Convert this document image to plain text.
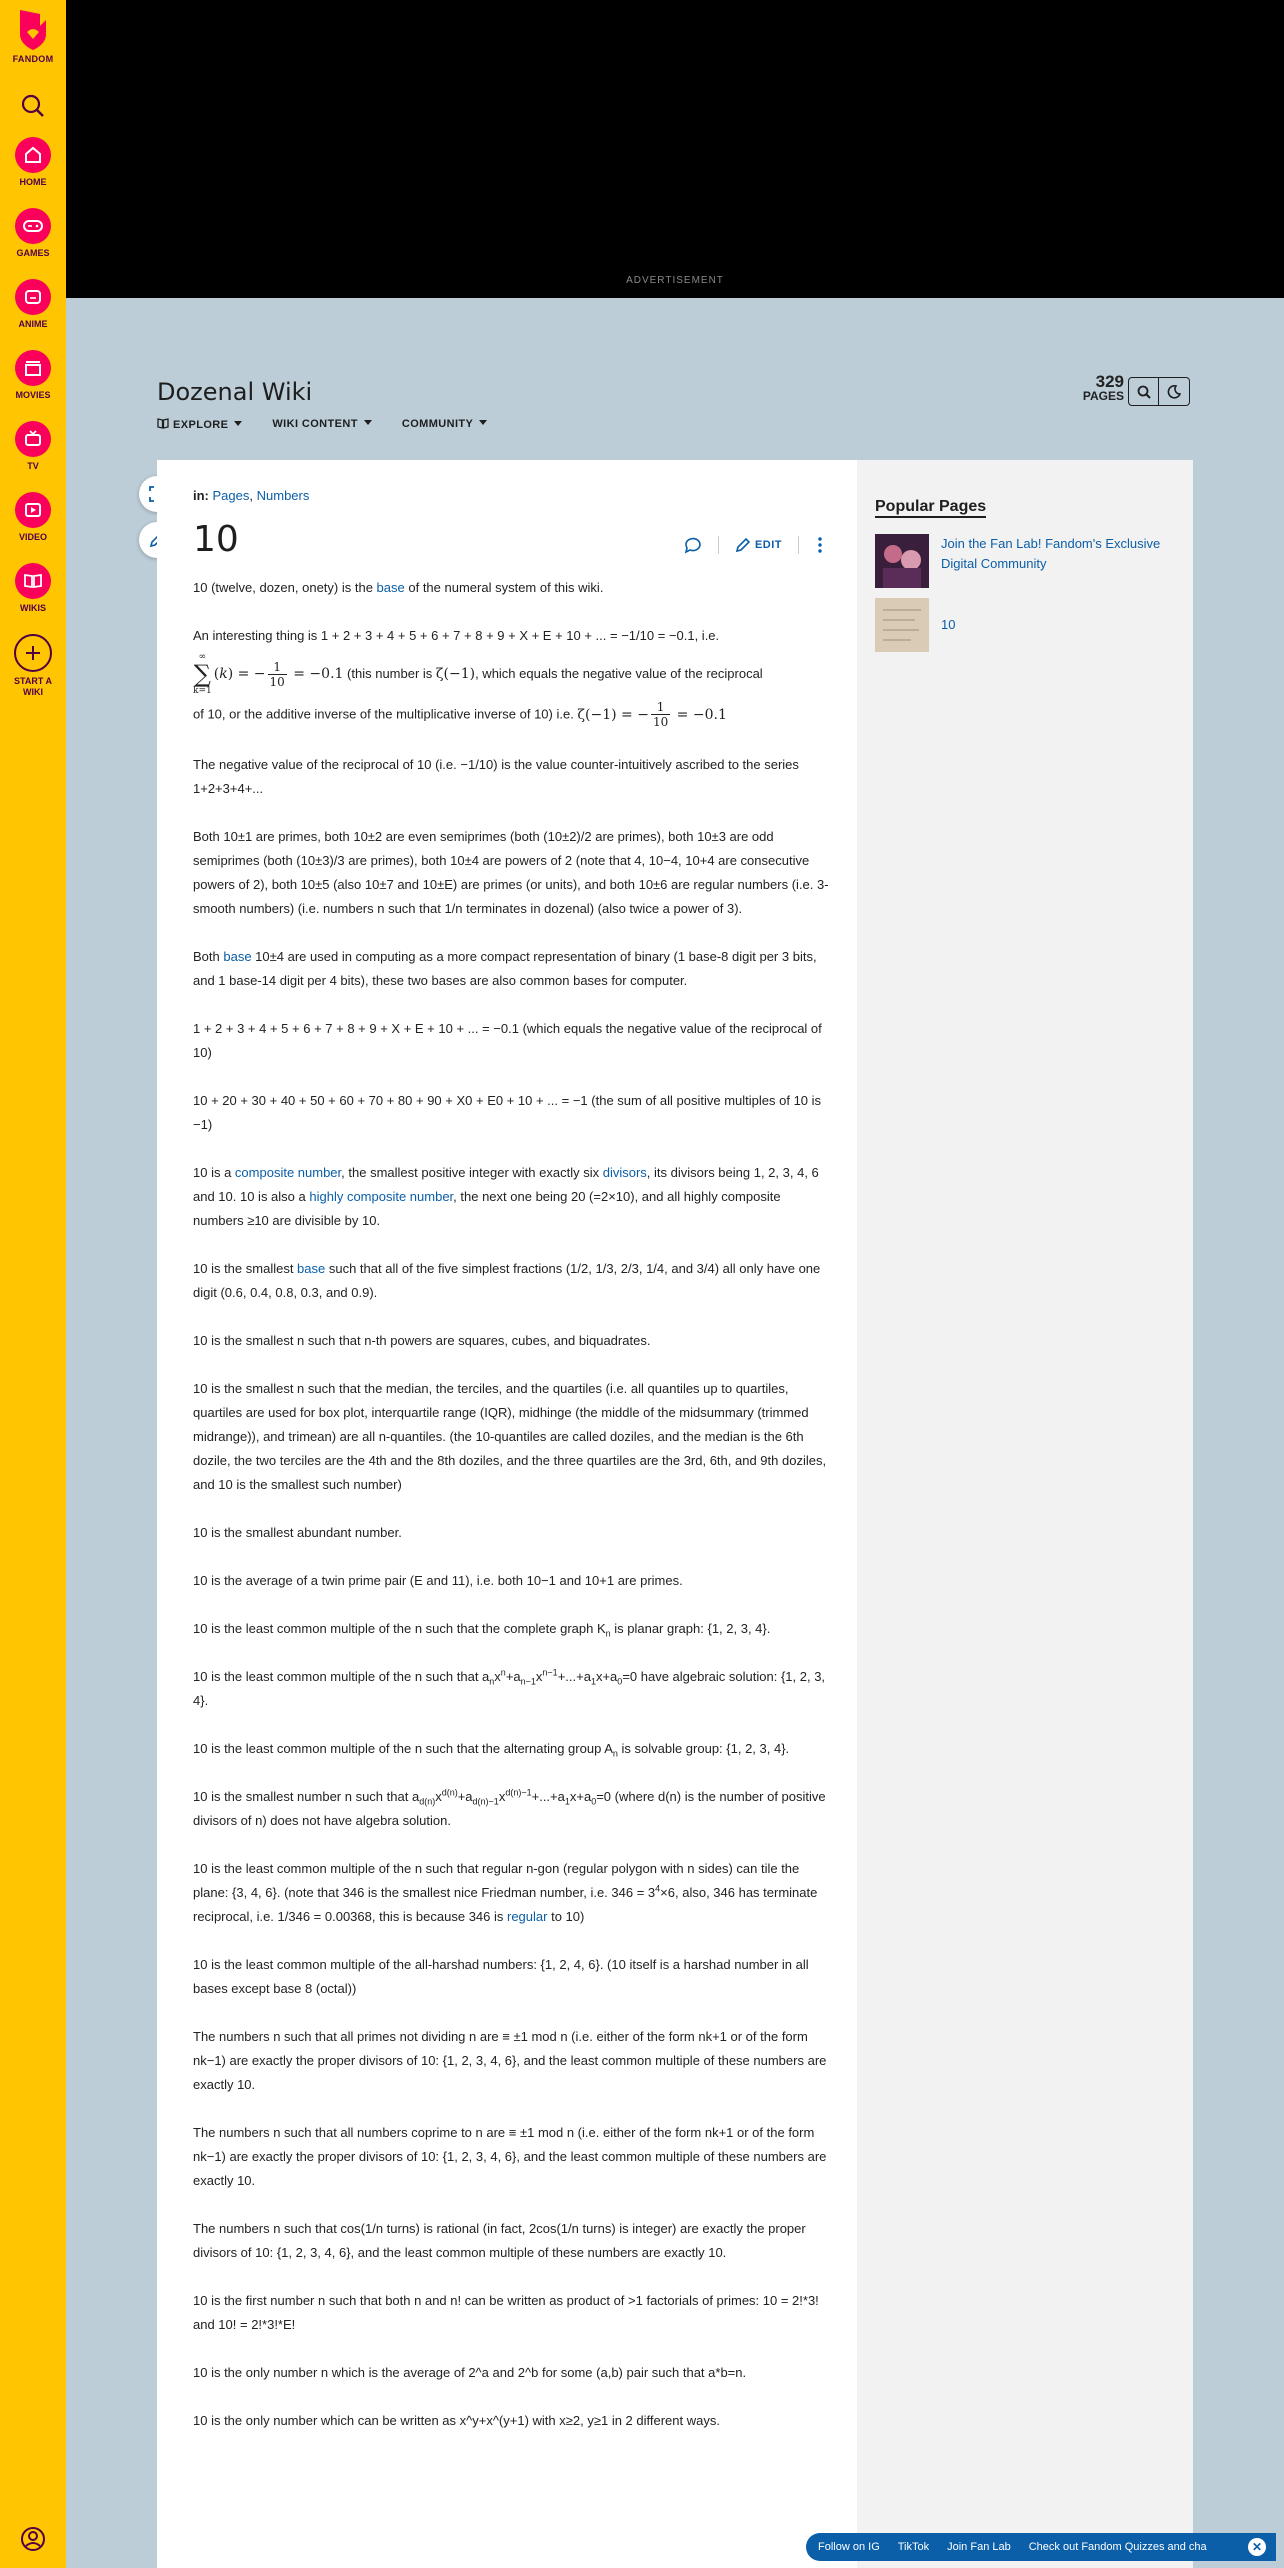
FANDOM
HOME
GAMES
ANIME
MOVIES
TV
VIDEO
WIKIS
START A WIKI
ADVERTISEMENT
Dozenal Wiki
EXPLORE	WIKI CONTENT	COMMUNITY
329
PAGES
in: Pages, Numbers
10	EDIT

10 (twelve, dozen, onety) is the base of the numeral system of this wiki.

An interesting thing is 1 + 2 + 3 + 4 + 5 + 6 + 7 + 8 + 9 + X + E + 10 + ... = −1/10 = −0.1, i.e.
∞
∑
k=1(k) = − $\frac{1}{10} = -0.1$ (this number is ζ(−1), which equals the negative value of the reciprocal
of 10, or the additive inverse of the multiplicative inverse of 10) i.e. ζ(−1) = − $\frac{1}{10} = -0.1$

The negative value of the reciprocal of 10 (i.e. −1/10) is the value counter-intuitively ascribed to the series 1+2+3+4+...

Both 10±1 are primes, both 10±2 are even semiprimes (both (10±2)/2 are primes), both 10±3 are odd semiprimes (both (10±3)/3 are primes), both 10±4 are powers of 2 (note that 4, 10−4, 10+4 are consecutive powers of 2), both 10±5 (also 10±7 and 10±E) are primes (or units), and both 10±6 are regular numbers (i.e. 3-smooth numbers) (i.e. numbers n such that 1/n terminates in dozenal) (also twice a power of 3).

Both base 10±4 are used in computing as a more compact representation of binary (1 base-8 digit per 3 bits, and 1 base-14 digit per 4 bits), these two bases are also common bases for computer.

1 + 2 + 3 + 4 + 5 + 6 + 7 + 8 + 9 + X + E + 10 + ... = −0.1 (which equals the negative value of the reciprocal of 10)

10 + 20 + 30 + 40 + 50 + 60 + 70 + 80 + 90 + X0 + E0 + 10 + ... = −1 (the sum of all positive multiples of 10 is −1)

10 is a composite number, the smallest positive integer with exactly six divisors, its divisors being 1, 2, 3, 4, 6 and 10. 10 is also a highly composite number, the next one being 20 (=2×10), and all highly composite numbers ≥10 are divisible by 10.

10 is the smallest base such that all of the five simplest fractions (1/2, 1/3, 2/3, 1/4, and 3/4) all only have one digit (0.6, 0.4, 0.8, 0.3, and 0.9).

10 is the smallest n such that n-th powers are squares, cubes, and biquadrates.

10 is the smallest n such that the median, the terciles, and the quartiles (i.e. all quantiles up to quartiles, quartiles are used for box plot, interquartile range (IQR), midhinge (the middle of the midsummary (trimmed midrange)), and trimean) are all n-quantiles. (the 10-quantiles are called doziles, and the median is the 6th dozile, the two terciles are the 4th and the 8th doziles, and the three quartiles are the 3rd, 6th, and 9th doziles, and 10 is the smallest such number)

10 is the smallest abundant number.

10 is the average of a twin prime pair (E and 11), i.e. both 10−1 and 10+1 are primes.

10 is the least common multiple of the n such that the complete graph $K_n$ is planar graph: {1, 2, 3, 4}.

10 is the least common multiple of the n such that $a_nx^n+a_{n-1}x^{n-1}+...+a_1x+a_0=0$ have algebraic solution: {1, 2, 3, 4}.

10 is the least common multiple of the n such that the alternating group $A_n$ is solvable group: {1, 2, 3, 4}.

10 is the smallest number n such that $a_{d(n)}x^{d(n)}+a_{d(n)-1}x^{d(n)-1}+...+a_1x+a_0=0$ (where d(n) is the number of positive divisors of n) does not have algebra solution.

10 is the least common multiple of the n such that regular n-gon (regular polygon with n sides) can tile the plane: {3, 4, 6}. (note that 346 is the smallest nice Friedman number, i.e. $346 = 3^4\times 6$, also, 346 has terminate reciprocal, i.e. 1/346 = 0.00368, this is because 346 is regular to 10)

10 is the least common multiple of the all-harshad numbers: {1, 2, 4, 6}. (10 itself is a harshad number in all bases except base 8 (octal))

The numbers n such that all primes not dividing n are ≡ ±1 mod n (i.e. either of the form nk+1 or of the form nk−1) are exactly the proper divisors of 10: {1, 2, 3, 4, 6}, and the least common multiple of these numbers are exactly 10.

The numbers n such that all numbers coprime to n are ≡ ±1 mod n (i.e. either of the form nk+1 or of the form nk−1) are exactly the proper divisors of 10: {1, 2, 3, 4, 6}, and the least common multiple of these numbers are exactly 10.

The numbers n such that cos(1/n turns) is rational (in fact, 2cos(1/n turns) is integer) are exactly the proper divisors of 10: {1, 2, 3, 4, 6}, and the least common multiple of these numbers are exactly 10.

10 is the first number n such that both n and n! can be written as product of >1 factorials of primes: 10 = 2!*3! and 10! = 2!*3!*E!

10 is the only number n which is the average of 2^a and 2^b for some (a,b) pair such that a*b=n.

10 is the only number which can be written as x^y+x^(y+1) with x≥2, y≥1 in 2 different ways.

Popular Pages
Join the Fan Lab! Fandom's Exclusive Digital Community
10
Follow on IG TikTok Join Fan Lab Check out Fandom Quizzes and cha	✕
